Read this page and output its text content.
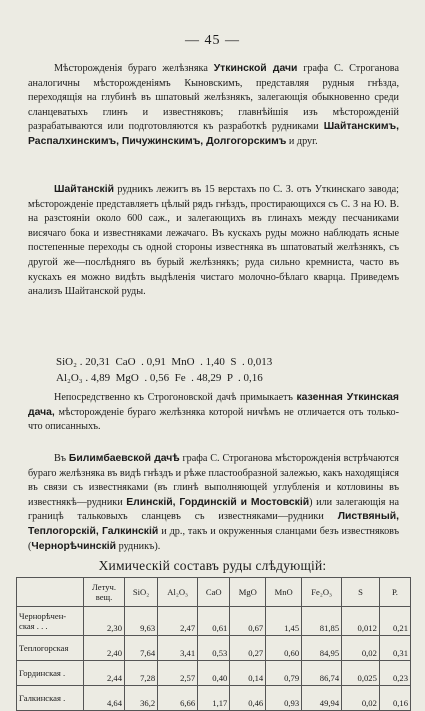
— 45 —

Мѣсторожденія бураго желѣзняка Уткинской дачи графа С. Строганова аналогичны мѣсторожденіямъ Кыновскимъ, представляя рудныя гнѣзда, переходящія на глубинѣ въ шпатовый желѣзнякъ, залегающія обыкновенно среди сланцеватыхъ глинъ и известняковъ; главнѣйшія изъ мѣсторожденій разрабатываются или подготовляются къ разработкѣ рудниками Шайтанскимъ, Распалхинскимъ, Пичужинскимъ, Долгогорскимъ и друг.

Шайтанскій рудникъ лежитъ въ 15 верстахъ по С. З. отъ Уткинскаго завода; мѣсторожденіе представляетъ цѣлый рядъ гнѣздъ, простирающихся съ С. З на Ю. В. на разстояніи около 600 саж., и залегающихъ въ глинахъ между песчаниками висячаго бока и известняками лежачаго. Въ кускахъ руды можно наблюдать ясные постепенные переходы съ одной стороны известняка въ шпатоватый желѣзнякъ, съ другой же—послѣдняго въ бурый желѣзнякъ; руда сильно кремниста, часто въ кускахъ ея можно видѣть выдѣленія чистаго молочно-бѣлаго кварца. Приведемъ анализъ Шайтанской руды.

SiO₂ . 20,31  CaO  . 0,91  MnO  . 1,40  S  . 0,013
Al₂O₃ . 4,89  MgO  . 0,56  Fe  . 48,29  P  . 0,16

Непосредственно къ Строгоновской дачѣ примыкаетъ казенная Уткинская дача, мѣсторожденіе бураго желѣзняка которой ничѣмъ не отличается отъ только-что описанныхъ.

Въ Билимбаевской дачѣ графа С. Строганова мѣсторожденія встрѣчаются бураго желѣзняка въ видѣ гнѣздъ и рѣже пластообразной залежью, какъ находящіяся въ связи съ известняками (въ глинѣ выполняющей углубленія и котловины въ известнякѣ—рудники Елинскій, Гординскій и Мостовскій) или залегающія на границѣ тальковыхъ сланцевъ съ известняками—рудники Листвяный, Теплогорскій, Галкинскій и др., такъ и окруженныя сланцами безъ известняковъ (Чернорѣчинскій рудникъ).

Химическій составъ руды слѣдующій:
	Летуч. вещ.	SiO₂	Al₂O₃	CaO	MgO	MnO	Fe₂O₃	S	P.
Чернорѣчен-ская . . .	2,30	9,63	2,47	0,61	0,67	1,45	81,85	0,012	0,21
Теплогорская	2,40	7,64	3,41	0,53	0,27	0,60	84,95	0,02	0,31
Гординская .	2,44	7,28	2,57	0,40	0,14	0,79	86,74	0,025	0,23
Галкинская .	4,64	36,2	6,66	1,17	0,46	0,93	49,94	0,02	0,16
